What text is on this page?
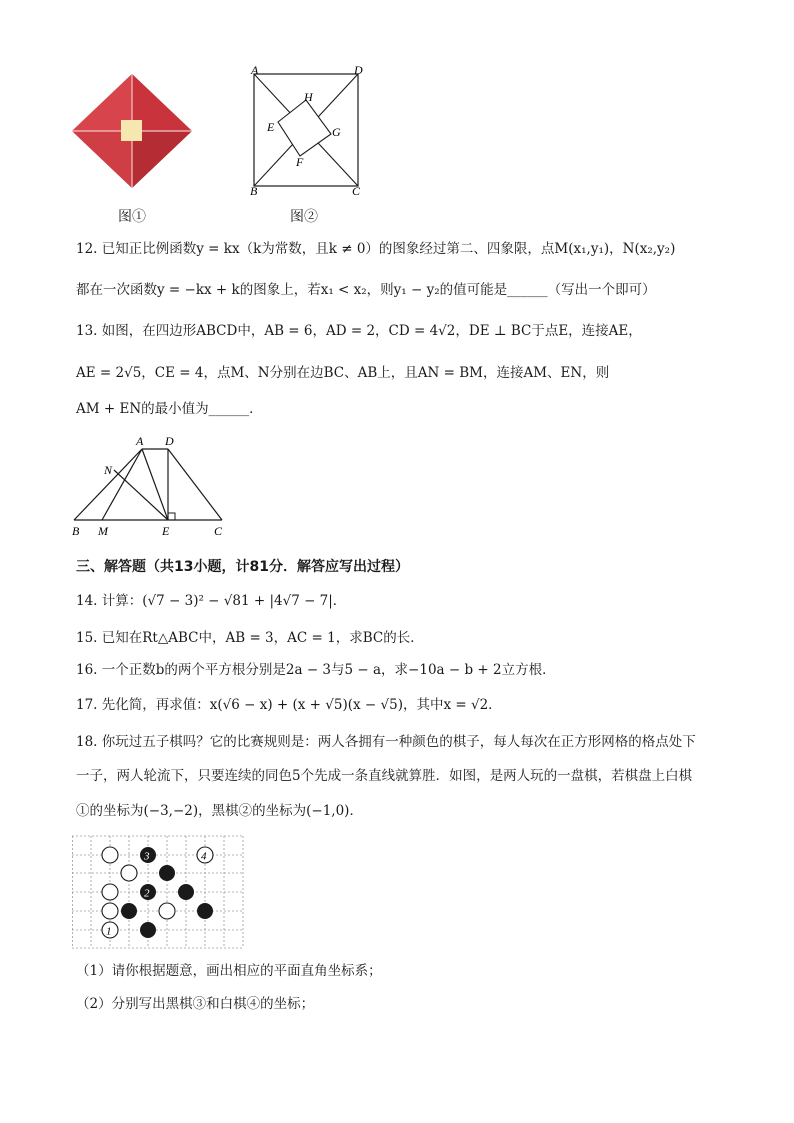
图①
A	D
B	C
H
E	G
F
图②
12. 已知正比例函数y = kx（k为常数，且k ≠ 0）的图象经过第二、四象限，点M(x₁,y₁)，N(x₂,y₂)
都在一次函数y = −kx + k的图象上，若x₁ < x₂，则y₁ − y₂的值可能是______（写出一个即可）
13. 如图，在四边形ABCD中，AB = 6，AD = 2，CD = 4√2，DE ⊥ BC于点E，连接AE，
AE = 2√5，CE = 4，点M、N分别在边BC、AB上，且AN = BM，连接AM、EN，则
AM + EN的最小值为______．
A D
N
B M	E	C
三、解答题（共13小题，计81分．解答应写出过程）
14. 计算：(√7 − 3)² − √81 + |4√7 − 7|．
15. 已知在Rt△ABC中，AB = 3，AC = 1，求BC的长．
16. 一个正数b的两个平方根分别是2a − 3与5 − a，求−10a − b + 2立方根．
17. 先化简，再求值：x(√6 − x) + (x + √5)(x − √5)，其中x = √2．
18. 你玩过五子棋吗？它的比赛规则是：两人各拥有一种颜色的棋子，每人每次在正方形网格的格点处下
一子，两人轮流下，只要连续的同色5个先成一条直线就算胜．如图，是两人玩的一盘棋，若棋盘上白棋
①的坐标为(−3,−2)，黑棋②的坐标为(−1,0)．
1
4
3
2
（1）请你根据题意，画出相应的平面直角坐标系；
（2）分别写出黑棋③和白棋④的坐标；
